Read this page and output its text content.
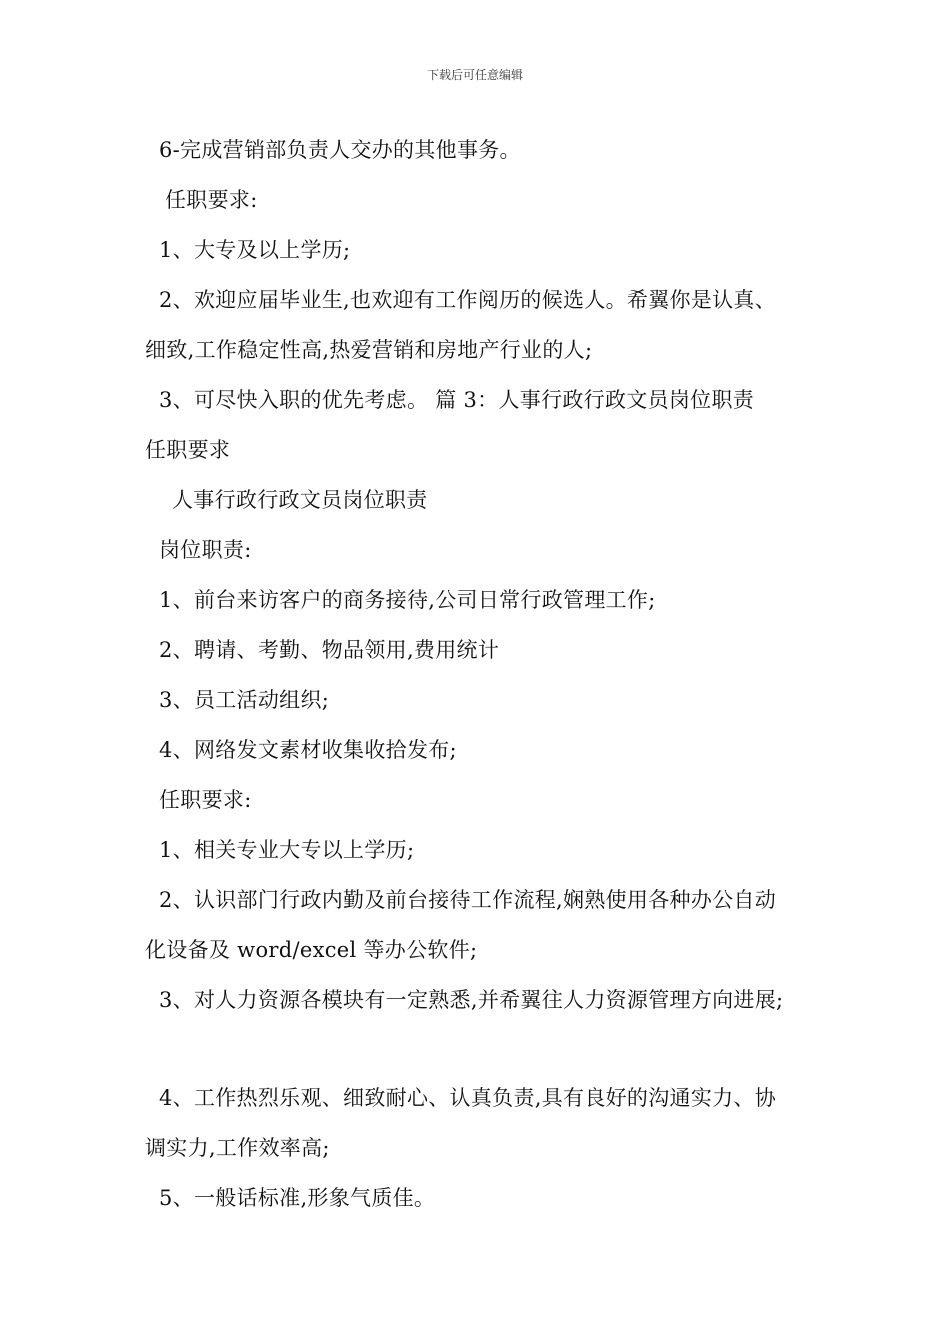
下载后可任意编辑
6-完成营销部负责人交办的其他事务。
任职要求:
1、大专及以上学历;
2、欢迎应届毕业生,也欢迎有工作阅历的候选人。希翼你是认真、
细致,工作稳定性高,热爱营销和房地产行业的人;
3、可尽快入职的优先考虑。 篇 3：人事行政行政文员岗位职责
任职要求
人事行政行政文员岗位职责
岗位职责:
1、前台来访客户的商务接待,公司日常行政管理工作;
2、聘请、考勤、物品领用,费用统计
3、员工活动组织;
4、网络发文素材收集收拾发布;
任职要求:
1、相关专业大专以上学历;
2、认识部门行政内勤及前台接待工作流程,娴熟使用各种办公自动
化设备及 word/excel 等办公软件;
3、对人力资源各模块有一定熟悉,并希翼往人力资源管理方向进展;
4、工作热烈乐观、细致耐心、认真负责,具有良好的沟通实力、协
调实力,工作效率高;
5、一般话标准,形象气质佳。
